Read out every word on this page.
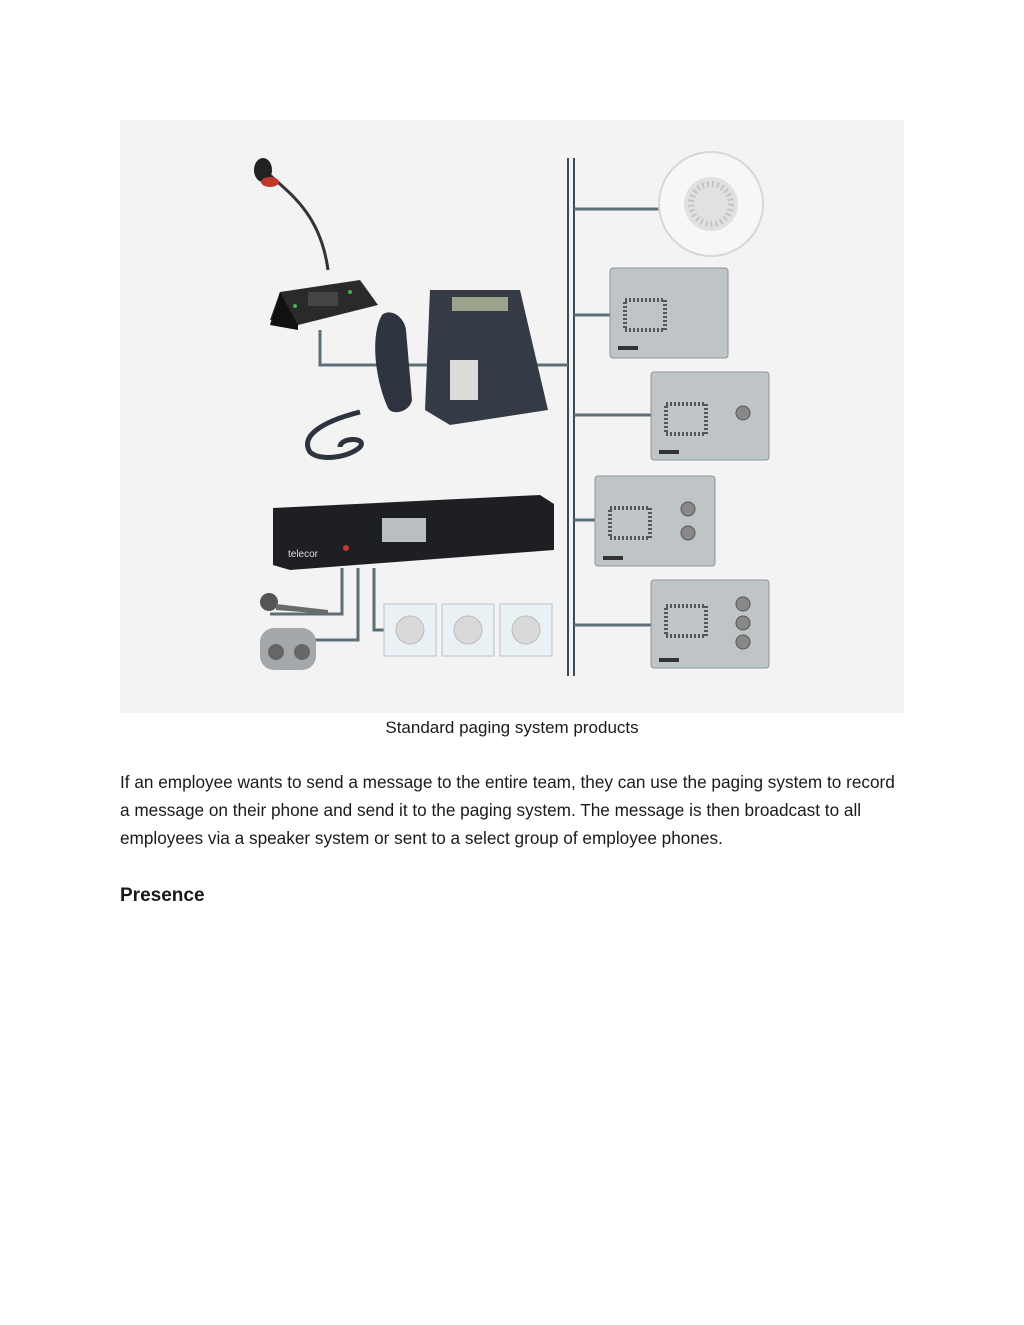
telecor
Standard paging system products

If an employee wants to send a message to the entire team, they can use the paging system to record a message on their phone and send it to the paging system. The message is then broadcast to all employees via a speaker system or sent to a select group of employee phones.

Presence
